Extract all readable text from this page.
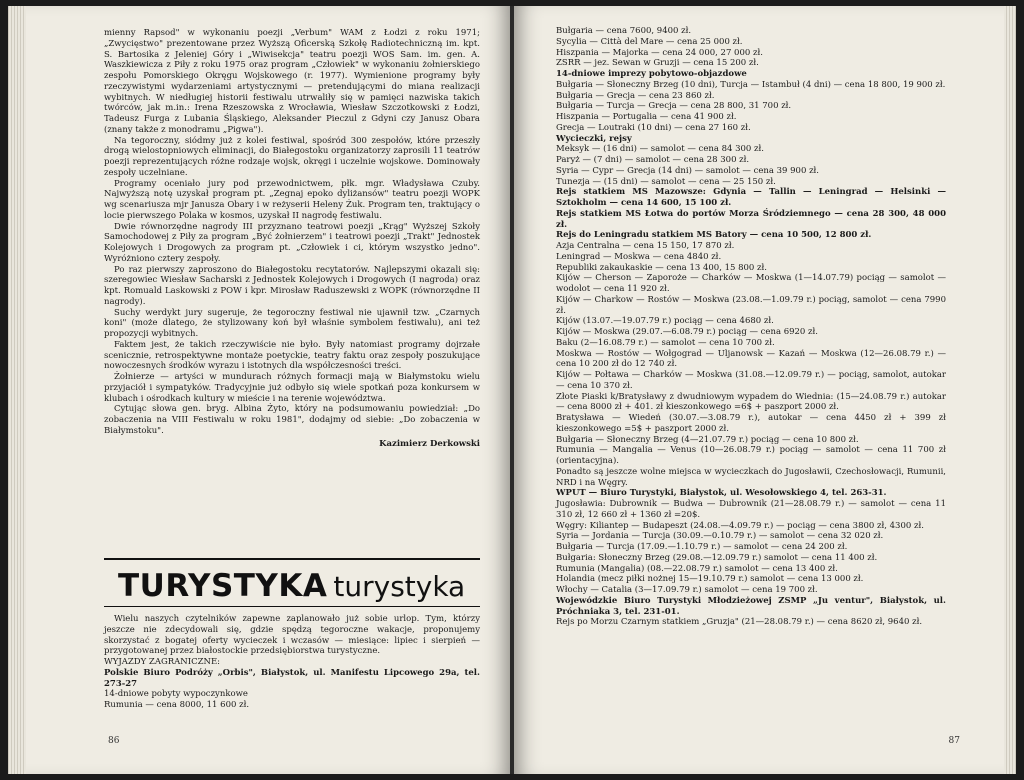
mienny Rapsod" w wykonaniu poezji „Verbum" WAM z Łodzi z roku 1971; „Zwycięstwo" prezentowane przez Wyższą Oficerską Szkołę Radiotechniczną im. kpt. S. Bartosika z Jeleniej Góry i „Wiwisekcja" teatru poezji WOS Sam. im. gen. A. Waszkiewicza z Piły z roku 1975 oraz program „Człowiek" w wykonaniu żołnierskiego zespołu Pomorskiego Okręgu Wojskowego (r. 1977). Wymienione programy były rzeczywistymi wydarzeniami artystycznymi — pretendującymi do miana realizacji wybitnych. W niedługiej historii festiwalu utrwaliły się w pamięci nazwiska takich twórców, jak m.in.: Irena Rzeszowska z Wrocławia, Wiesław Szczotkowski z Łodzi, Tadeusz Furga z Lubania Śląskiego, Aleksander Pieczul z Gdyni czy Janusz Obara (znany także z monodramu „Pigwa").

Na tegoroczny, siódmy już z kolei festiwal, spośród 300 zespołów, które przeszły drogą wielostopniowych eliminacji, do Białegostoku organizatorzy zaprosili 11 teatrów poezji reprezentujących różne rodzaje wojsk, okręgi i uczelnie wojskowe. Dominowały zespoły uczelniane.

Programy oceniało jury pod przewodnictwem, płk. mgr. Władysława Czuby. Najwyższą notę uzyskał program pt. „Zegnaj epoko dyliżansów" teatru poezji WOPK wg scenariusza mjr Janusza Obary i w reżyserii Heleny Żuk. Program ten, traktujący o locie pierwszego Polaka w kosmos, uzyskał II nagrodę festiwalu.

Dwie równorzędne nagrody III przyznano teatrowi poezji „Krąg" Wyższej Szkoły Samochodowej z Piły za program „Być żołnierzem" i teatrowi poezji „Trakt" Jednostek Kolejowych i Drogowych za program pt. „Człowiek i ci, którym wszystko jedno". Wyróżniono cztery zespoły.

Po raz pierwszy zaproszono do Białegostoku recytatorów. Najlepszymi okazali się: szeregowiec Wiesław Sacharski z Jednostek Kolejowych i Drogowych (I nagroda) oraz kpt. Romuald Laskowski z POW i kpr. Mirosław Raduszewski z WOPK (równorzędne II nagrody).

Suchy werdykt jury sugeruje, że tegoroczny festiwal nie ujawnił tzw. „Czarnych koni" (może dlatego, że stylizowany koń był właśnie symbolem festiwalu), ani też propozycji wybitnych.

Faktem jest, że takich rzeczywiście nie było. Były natomiast programy dojrzałe scenicznie, retrospektywne montaże poetyckie, teatry faktu oraz zespoły poszukujące nowoczesnych środków wyrazu i istotnych dla współczesności treści.

Żołnierze — artyści w mundurach różnych formacji mają w Białymstoku wielu przyjaciół i sympatyków. Tradycyjnie już odbyło się wiele spotkań poza konkursem w klubach i ośrodkach kultury w mieście i na terenie województwa.

Cytując słowa gen. bryg. Albina Żyto, który na podsumowaniu powiedział: „Do zobaczenia na VIII Festiwalu w roku 1981", dodajmy od siebie: „Do zobaczenia w Białymstoku".

Kazimierz Derkowski

TURYSTYKA turystyka

Wielu naszych czytelników zapewne zaplanowało już sobie urlop. Tym, którzy jeszcze nie zdecydowali się, gdzie spędzą tegoroczne wakacje, proponujemy skorzystać z bogatej oferty wycieczek i wczasów — miesiące: lipiec i sierpień — przygotowanej przez białostockie przedsiębiorstwa turystyczne.

WYJAZDY ZAGRANICZNE:

Polskie Biuro Podróży „Orbis", Białystok, ul. Manifestu Lipcowego 29a, tel. 273-27

14-dniowe pobyty wypoczynkowe

Rumunia — cena 8000, 11 600 zł.

86

Bułgaria — cena 7600, 9400 zł.

Sycylia — Città del Mare — cena 25 000 zł.

Hiszpania — Majorka — cena 24 000, 27 000 zł.

ZSRR — jez. Sewan w Gruzji — cena 15 200 zł.

14-dniowe imprezy pobytowo-objazdowe

Bułgaria — Słoneczny Brzeg (10 dni), Turcja — Istambuł (4 dni) — cena 18 800, 19 900 zł.

Bułgaria — Grecja — cena 23 860 zł.

Bułgaria — Turcja — Grecja — cena 28 800, 31 700 zł.

Hiszpania — Portugalia — cena 41 900 zł.

Grecja — Loutraki (10 dni) — cena 27 160 zł.

Wycieczki, rejsy

Meksyk — (16 dni) — samolot — cena 84 300 zł.

Paryż — (7 dni) — samolot — cena 28 300 zł.

Syria — Cypr — Grecja (14 dni) — samolot — cena 39 900 zł.

Tunezja — (15 dni) — samolot — cena — 25 150 zł.

Rejs statkiem MS Mazowsze: Gdynia — Tallin — Leningrad — Helsinki — Sztokholm — cena 14 600, 15 100 zł.

Rejs statkiem MS Łotwa do portów Morza Śródziemnego — cena 28 300, 48 000 zł.

Rejs do Leningradu statkiem MS Batory — cena 10 500, 12 800 zł.

Azja Centralna — cena 15 150, 17 870 zł.

Leningrad — Moskwa — cena 4840 zł.

Republiki zakaukaskie — cena 13 400, 15 800 zł.

Kijów — Cherson — Zaporoże — Charków — Moskwa (1—14.07.79) pociąg — samolot — wodolot — cena 11 920 zł.

Kijów — Charkow — Rostów — Moskwa (23.08.—1.09.79 r.) pociąg, samolot — cena 7990 zł.

Kijów (13.07.—19.07.79 r.) pociąg — cena 4680 zł.

Kijów — Moskwa (29.07.—6.08.79 r.) pociąg — cena 6920 zł.

Baku (2—16.08.79 r.) — samolot — cena 10 700 zł.

Moskwa — Rostów — Wołgograd — Uljanowsk — Kazań — Moskwa (12—26.08.79 r.) — cena 10 200 zł do 12 740 zł.

Kijów — Połtawa — Charków — Moskwa (31.08.—12.09.79 r.) — pociąg, samolot, autokar — cena 10 370 zł.

Złote Piaski k/Bratysławy z dwudniowym wypadem do Wiednia: (15—24.08.79 r.) autokar — cena 8000 zł + 401. zł kieszonkowego =6$ + paszport 2000 zł.

Bratysława — Wiedeń (30.07.—3.08.79 r.), autokar — cena 4450 zł + 399 zł kieszonkowego =5$ + paszport 2000 zł.

Bułgaria — Słoneczny Brzeg (4—21.07.79 r.) pociąg — cena 10 800 zł.

Rumunia — Mangalia — Venus (10—26.08.79 r.) pociąg — samolot — cena 11 700 zł (orientacyjna).

Ponadto są jeszcze wolne miejsca w wycieczkach do Jugosławii, Czechosłowacji, Rumunii, NRD i na Węgry.

WPUT — Biuro Turystyki, Białystok, ul. Wesołowskiego 4, tel. 263-31.

Jugosławia: Dubrownik — Budwa — Dubrownik (21—28.08.79 r.) — samolot — cena 11 310 zł, 12 660 zł + 1360 zł =20$.

Węgry: Kiliantep — Budapeszt (24.08.—4.09.79 r.) — pociąg — cena 3800 zł, 4300 zł.

Syria — Jordania — Turcja (30.09.—0.10.79 r.) — samolot — cena 32 020 zł.

Bułgaria — Turcja (17.09.—1.10.79 r.) — samolot — cena 24 200 zł.

Bułgaria: Słoneczny Brzeg (29.08.—12.09.79 r.) samolot — cena 11 400 zł.

Rumunia (Mangalia) (08.—22.08.79 r.) samolot — cena 13 400 zł.

Holandia (mecz piłki nożnej 15—19.10.79 r.) samolot — cena 13 000 zł.

Włochy — Catalia (3—17.09.79 r.) samolot — cena 19 700 zł.

Wojewódzkie Biuro Turystyki Młodzieżowej ZSMP „Ju ventur", Białystok, ul. Próchniaka 3, tel. 231-01.

Rejs po Morzu Czarnym statkiem „Gruzja" (21—28.08.79 r.) — cena 8620 zł, 9640 zł.

87
